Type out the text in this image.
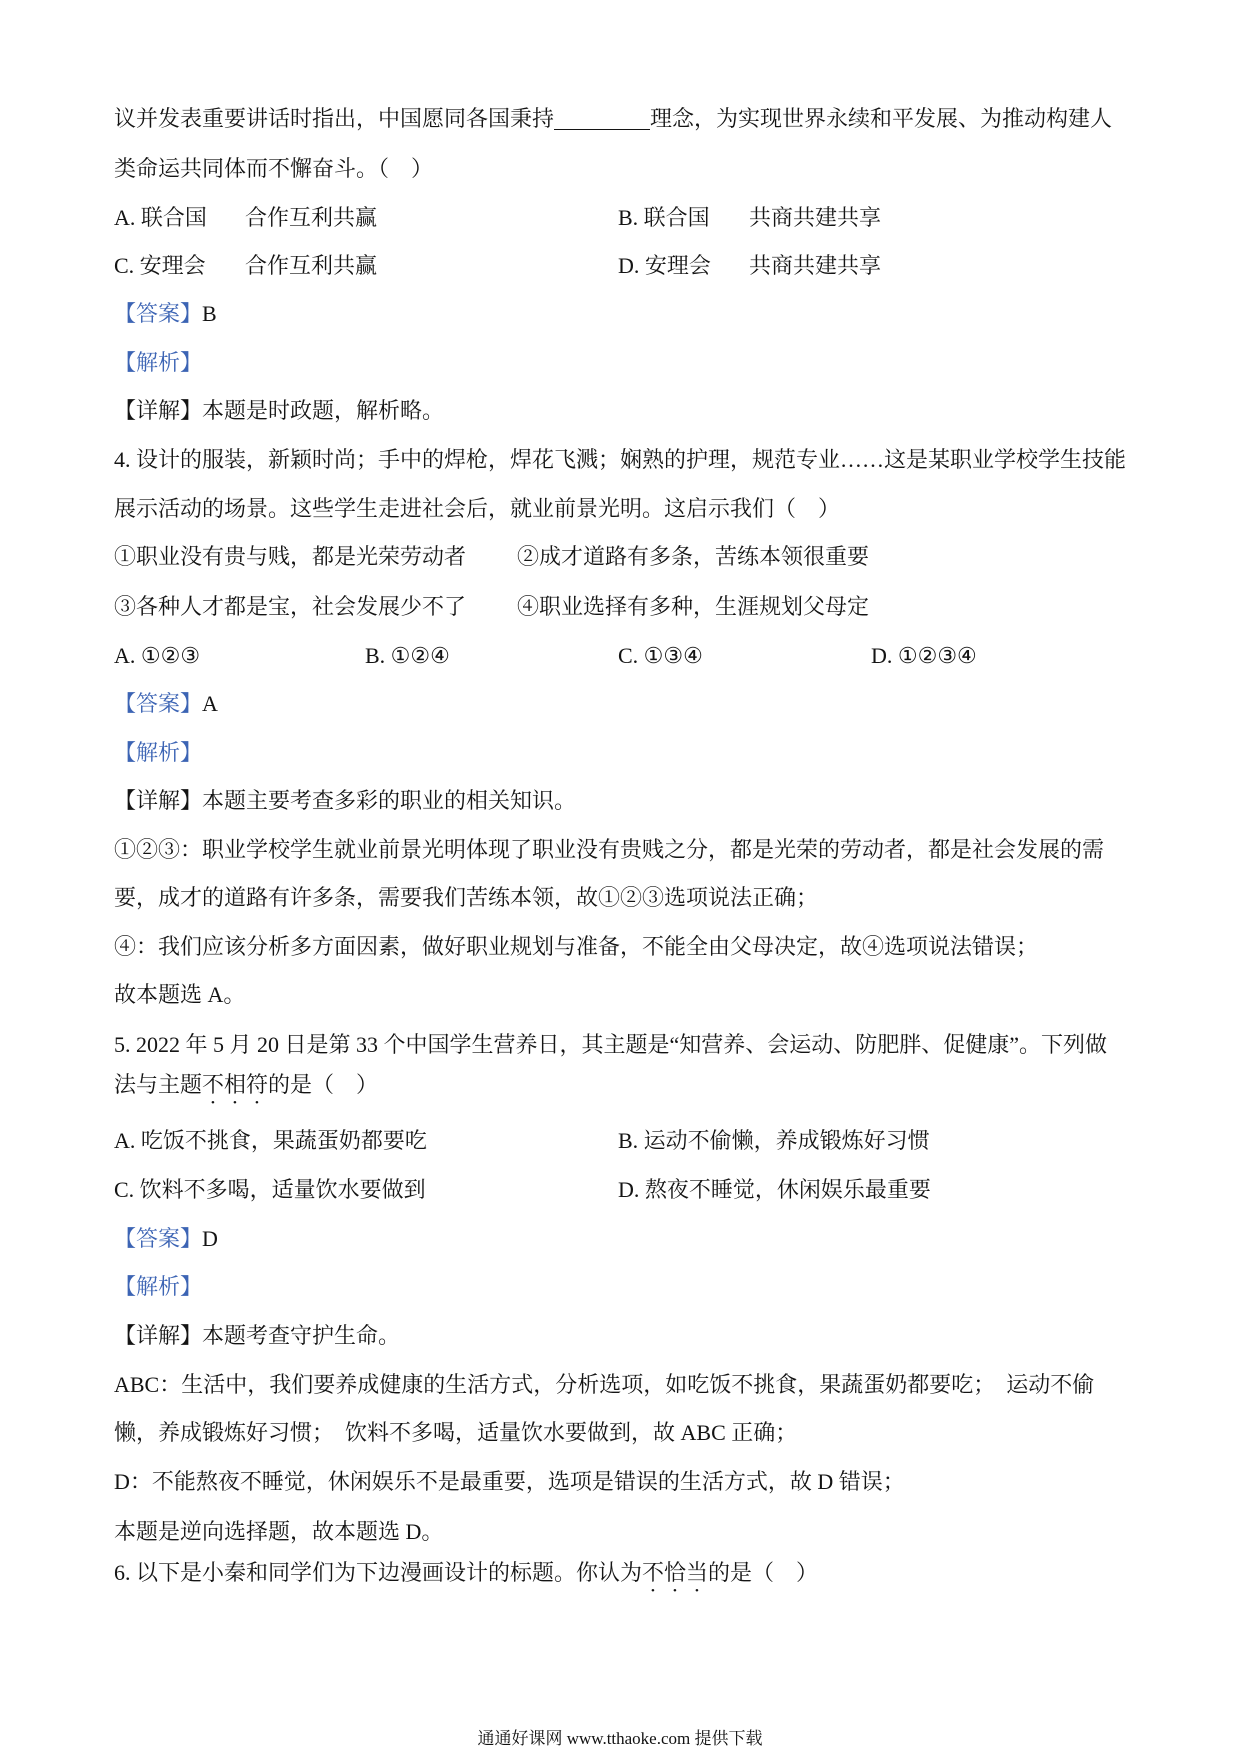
议并发表重要讲话时指出，中国愿同各国秉持	理念，为实现世界永续和平发展、为推动构建人
类命运共同体而不懈奋斗。（    ）
A. 联合国 合作互利共赢	B. 联合国 共商共建共享
C. 安理会 合作互利共赢	D. 安理会 共商共建共享
【答案】 B
【解析】
【详解】 本题是时政题，解析略。
4. 设计的服装，新颖时尚；手中的焊枪，焊花飞溅；娴熟的护理，规范专业……这是某职业学校学生技能
展示活动的场景。这些学生走进社会后，就业前景光明。这启示我们（    ）
①职业没有贵与贱，都是光荣劳动者 ②成才道路有多条，苦练本领很重要
③各种人才都是宝，社会发展少不了 ④职业选择有多种，生涯规划父母定
A. ①②③	B. ①②④	C. ①③④	D. ①②③④
【答案】 A
【解析】
【详解】 本题主要考查多彩的职业的相关知识。
①②③：职业学校学生就业前景光明体现了职业没有贵贱之分，都是光荣的劳动者，都是社会发展的需
要，成才的道路有许多条，需要我们苦练本领，故①②③选项说法正确；
④：我们应该分析多方面因素，做好职业规划与准备，不能全由父母决定，故④选项说法错误；
故本题选 A。
5. 2022 年 5 月 20 日是第 33 个中国学生营养日，其主题是“知营养、会运动、防肥胖、促健康”。下列做
法与主题 不相符 的是（    ）
A. 吃饭不挑食，果蔬蛋奶都要吃	B. 运动不偷懒，养成锻炼好习惯
C. 饮料不多喝，适量饮水要做到	D. 熬夜不睡觉，休闲娱乐最重要
【答案】 D
【解析】
【详解】 本题考查守护生命。
ABC：生活中，我们要养成健康的生活方式，分析选项，如吃饭不挑食，果蔬蛋奶都要吃；  运动不偷
懒，养成锻炼好习惯；  饮料不多喝，适量饮水要做到，故 ABC 正确；
D：不能熬夜不睡觉，休闲娱乐不是最重要，选项是错误的生活方式，故 D 错误；
本题是逆向选择题，故本题选 D。
6. 以下是小秦和同学们为下边漫画设计的标题。你认为 不恰当 的是（    ）
通通好课网 www.tthaoke.com 提供下载
